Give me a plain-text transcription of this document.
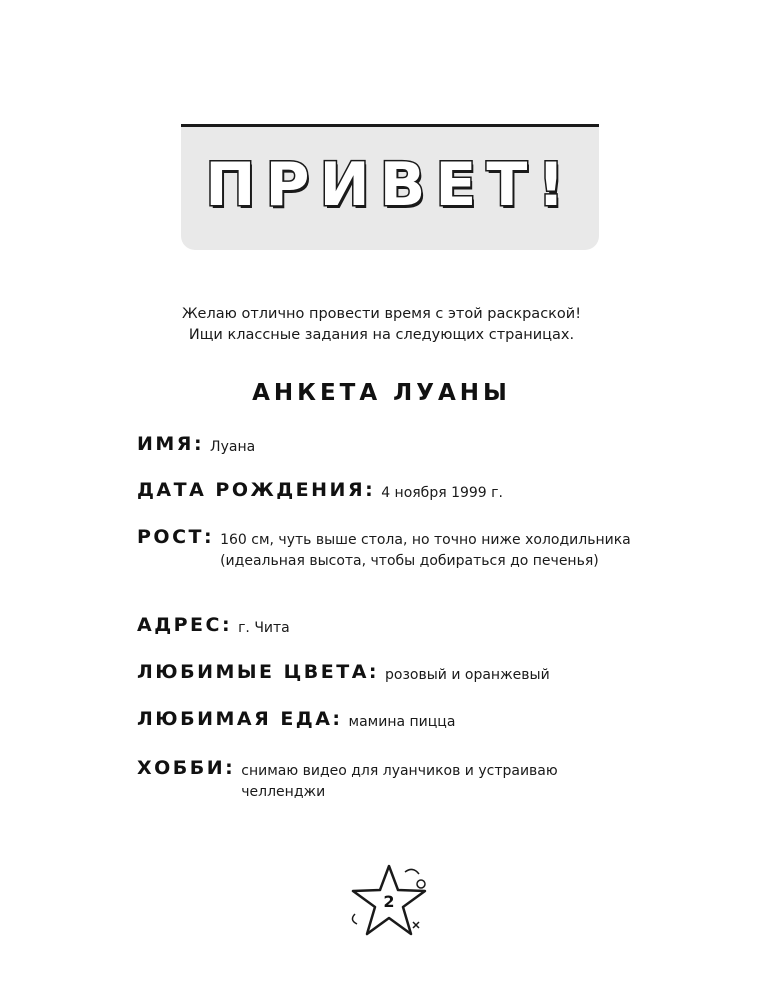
ПРИВЕТ!

Желаю отлично провести время с этой раскраской!

Ищи классные задания на следующих страницах.

АНКЕТА ЛУАНЫ
ИМЯ: Луана
ДАТА РОЖДЕНИЯ: 4 ноября 1999 г.
РОСТ: 160 см, чуть выше стола, но точно ниже холодильника (идеальная высота, чтобы добираться до печенья)
АДРЕС: г. Чита
ЛЮБИМЫЕ ЦВЕТА: розовый и оранжевый
ЛЮБИМАЯ ЕДА: мамина пицца
ХОББИ: снимаю видео для луанчиков и устраиваю челленджи
2
